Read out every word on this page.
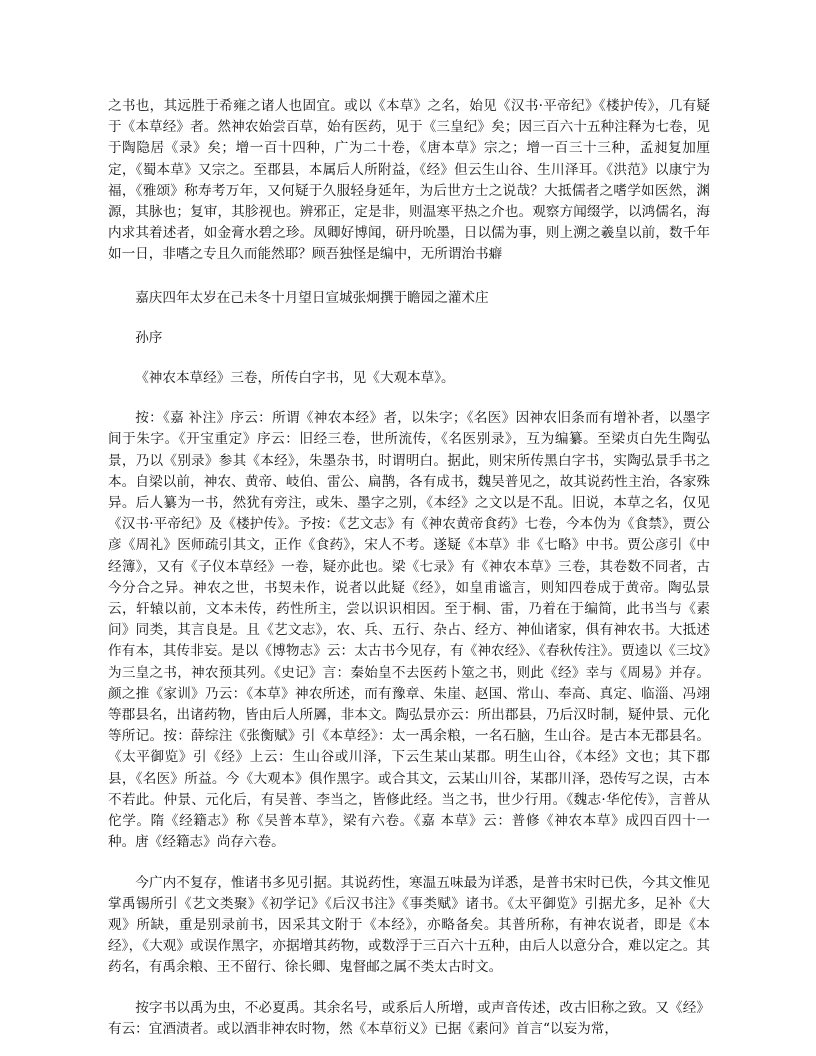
之书也，其远胜于希雍之诸人也固宜。或以《本草》之名，始见《汉书·平帝纪》《楼护传》，几有疑于《本草经》者。然神农始尝百草，始有医药，见于《三皇纪》矣；因三百六十五种注释为七卷，见于陶隐居《录》矣；增一百十四种，广为二十卷，《唐本草》宗之；增一百三十三种，孟昶复加厘定，《蜀本草》又宗之。至郡县，本属后人所附益，《经》但云生山谷、生川泽耳。《洪范》以康宁为福，《雅颂》称寿考万年，又何疑于久服轻身延年，为后世方士之说哉？大抵儒者之嗜学如医然，渊源，其脉也；复审，其胗视也。辨邪正，定是非，则温寒平热之介也。观察方闻缀学，以鸿儒名，海内求其着述者，如金膏水碧之珍。凤卿好博闻，研丹吮墨，日以儒为事，则上溯之羲皇以前，数千年如一日，非嗜之专且久而能然耶？顾吾独怪是编中，无所谓治书癖

嘉庆四年太岁在己未冬十月望日宣城张炯撰于瞻园之灌术庄

孙序

《神农本草经》三卷，所传白字书，见《大观本草》。

按：《嘉 补注》序云：所谓《神农本经》者，以朱字；《名医》因神农旧条而有增补者，以墨字间于朱字。《开宝重定》序云：旧经三卷，世所流传，《名医别录》，互为编纂。至梁贞白先生陶弘景，乃以《别录》参其《本经》，朱墨杂书，时谓明白。据此，则宋所传黑白字书，实陶弘景手书之本。自梁以前，神农、黄帝、岐伯、雷公、扁鹊，各有成书，魏吴普见之，故其说药性主治，各家殊异。后人纂为一书，然犹有旁注，或朱、墨字之别，《本经》之文以是不乱。旧说，本草之名，仅见《汉书·平帝纪》及《楼护传》。予按：《艺文志》有《神农黄帝食药》七卷，今本伪为《食禁》，贾公彦《周礼》医师疏引其文，正作《食药》，宋人不考。遂疑《本草》非《七略》中书。贾公彦引《中经簿》，又有《子仪本草经》一卷，疑亦此也。梁《七录》有《神农本草》三卷，其卷数不同者，古今分合之异。神农之世，书契未作，说者以此疑《经》，如皇甫谧言，则知四卷成于黄帝。陶弘景云，轩辕以前，文本未传，药性所主，尝以识识相因。至于桐、雷，乃着在于编简，此书当与《素问》同类，其言良是。且《艺文志》，农、兵、五行、杂占、经方、神仙诸家，俱有神农书。大抵述作有本，其传非妄。是以《博物志》云：太古书今见存，有《神农经》、《春秋传注》。贾逵以《三坟》为三皇之书，神农预其列。《史记》言：秦始皇不去医药卜筮之书，则此《经》幸与《周易》并存。颜之推《家训》乃云：《本草》神农所述，而有豫章、朱崖、赵国、常山、奉高、真定、临淄、冯翊等郡县名，出诸药物，皆由后人所羼，非本文。陶弘景亦云：所出郡县，乃后汉时制，疑仲景、元化等所记。按：薛综注《张衡赋》引《本草经》：太一禹余粮，一名石脑，生山谷。是古本无郡县名。《太平御览》引《经》上云：生山谷或川泽，下云生某山某郡。明生山谷，《本经》文也；其下郡县，《名医》所益。今《大观本》俱作黑字。或合其文，云某山川谷，某郡川泽，恐传写之误，古本不若此。仲景、元化后，有吴普、李当之，皆修此经。当之书，世少行用。《魏志·华佗传》，言普从佗学。隋《经籍志》称《吴普本草》，梁有六卷。《嘉 本草》云：普修《神农本草》成四百四十一种。唐《经籍志》尚存六卷。

今广内不复存，惟诸书多见引据。其说药性，寒温五味最为详悉，是普书宋时已佚，今其文惟见掌禹锡所引《艺文类聚》《初学记》《后汉书注》《事类赋》诸书。《太平御览》引据尤多，足补《大观》所缺，重是别录前书，因采其文附于《本经》，亦略备矣。其普所称，有神农说者，即是《本经》，《大观》或误作黑字，亦据增其药物，或数浮于三百六十五种，由后人以意分合，难以定之。其药名，有禹余粮、王不留行、徐长卿、鬼督邮之属不类太古时文。

按字书以禹为虫，不必夏禹。其余名号，或系后人所增，或声音传述，改古旧称之致。又《经》有云：宜酒渍者。或以酒非神农时物，然《本草衍义》已据《素问》首言“以妄为常，
